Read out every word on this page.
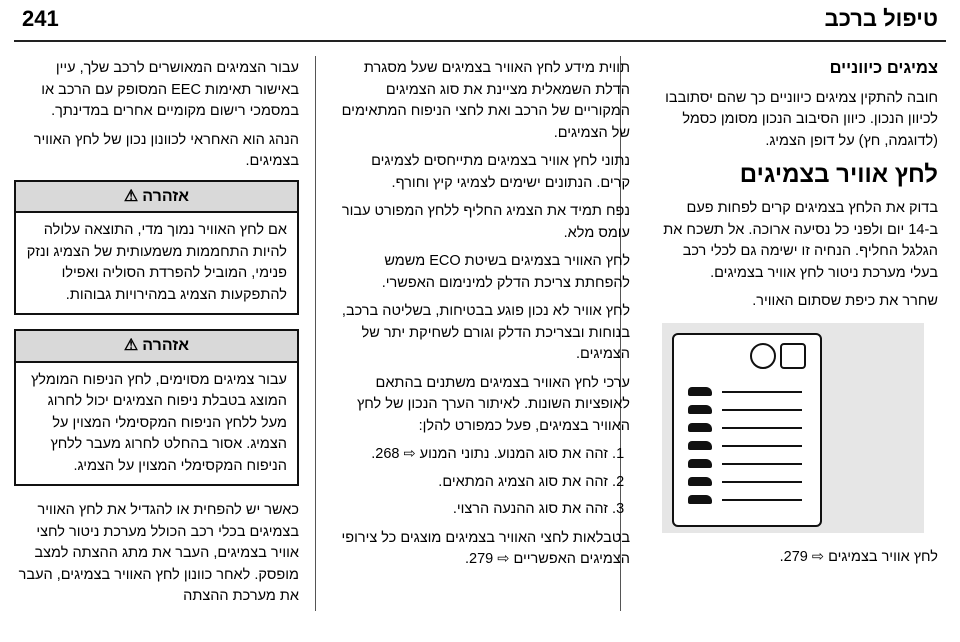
241	טיפול ברכב
צמיגים כיווניים

חובה להתקין צמיגים כיווניים כך שהם יסתובבו לכיוון הנכון. כיוון הסיבוב הנכון מסומן כסמל (לדוגמה, חץ) על דופן הצמיג.

לחץ אוויר בצמיגים

בדוק את הלחץ בצמיגים קרים לפחות פעם ב-14 יום ולפני כל נסיעה ארוכה. אל תשכח את הגלגל החליף. הנחיה זו ישימה גם לכלי רכב בעלי מערכת ניטור לחץ אוויר בצמיגים.

שחרר את כיפת שסתום האוויר.

לחץ אוויר בצמיגים ⇨ 279.

תווית מידע לחץ האוויר בצמיגים שעל מסגרת הדלת השמאלית מציינת את סוג הצמיגים המקוריים של הרכב ואת לחצי הניפוח המתאימים של הצמיגים.

נתוני לחץ אוויר בצמיגים מתייחסים לצמיגים קרים. הנתונים ישימים לצמיגי קיץ וחורף.

נפח תמיד את הצמיג החליף ללחץ המפורט עבור עומס מלא.

לחץ האוויר בצמיגים בשיטת ECO משמש להפחתת צריכת הדלק למינימום האפשרי.

לחץ אוויר לא נכון פוגע בבטיחות, בשליטה ברכב, בנוחות ובצריכת הדלק וגורם לשחיקת יתר של הצמיגים.

ערכי לחץ האוויר בצמיגים משתנים בהתאם לאופציות השונות. לאיתור הערך הנכון של לחץ האוויר בצמיגים, פעל כמפורט להלן:

1. זהה את סוג המנוע. נתוני המנוע ⇨ 268.
2. זהה את סוג הצמיג המתאים.
3. זהה את סוג ההנעה הרצוי.

בטבלאות לחצי האוויר בצמיגים מוצגים כל צירופי הצמיגים האפשריים ⇨ 279.

עבור הצמיגים המאושרים לרכב שלך, עיין באישור תאימות EEC המסופק עם הרכב או במסמכי רישום מקומיים אחרים במדינתך.

הנהג הוא האחראי לכוונון נכון של לחץ האוויר בצמיגים.

אזהרה
⚠

אם לחץ האוויר נמוך מדי, התוצאה עלולה להיות התחממות משמעותית של הצמיג ונזק פנימי, המוביל להפרדת הסוליה ואפילו להתפקעות הצמיג במהירויות גבוהות.

אזהרה
⚠

עבור צמיגים מסוימים, לחץ הניפוח המומלץ המוצג בטבלת ניפוח הצמיגים יכול לחרוג מעל ללחץ הניפוח המקסימלי המצוין על הצמיג. אסור בהחלט לחרוג מעבר ללחץ הניפוח המקסימלי המצוין על הצמיג.

כאשר יש להפחית או להגדיל את לחץ האוויר בצמיגים בכלי רכב הכולל מערכת ניטור לחצי אוויר בצמיגים, העבר את מתג ההצתה למצב מופסק. לאחר כוונון לחץ האוויר בצמיגים, העבר את מערכת ההצתה
